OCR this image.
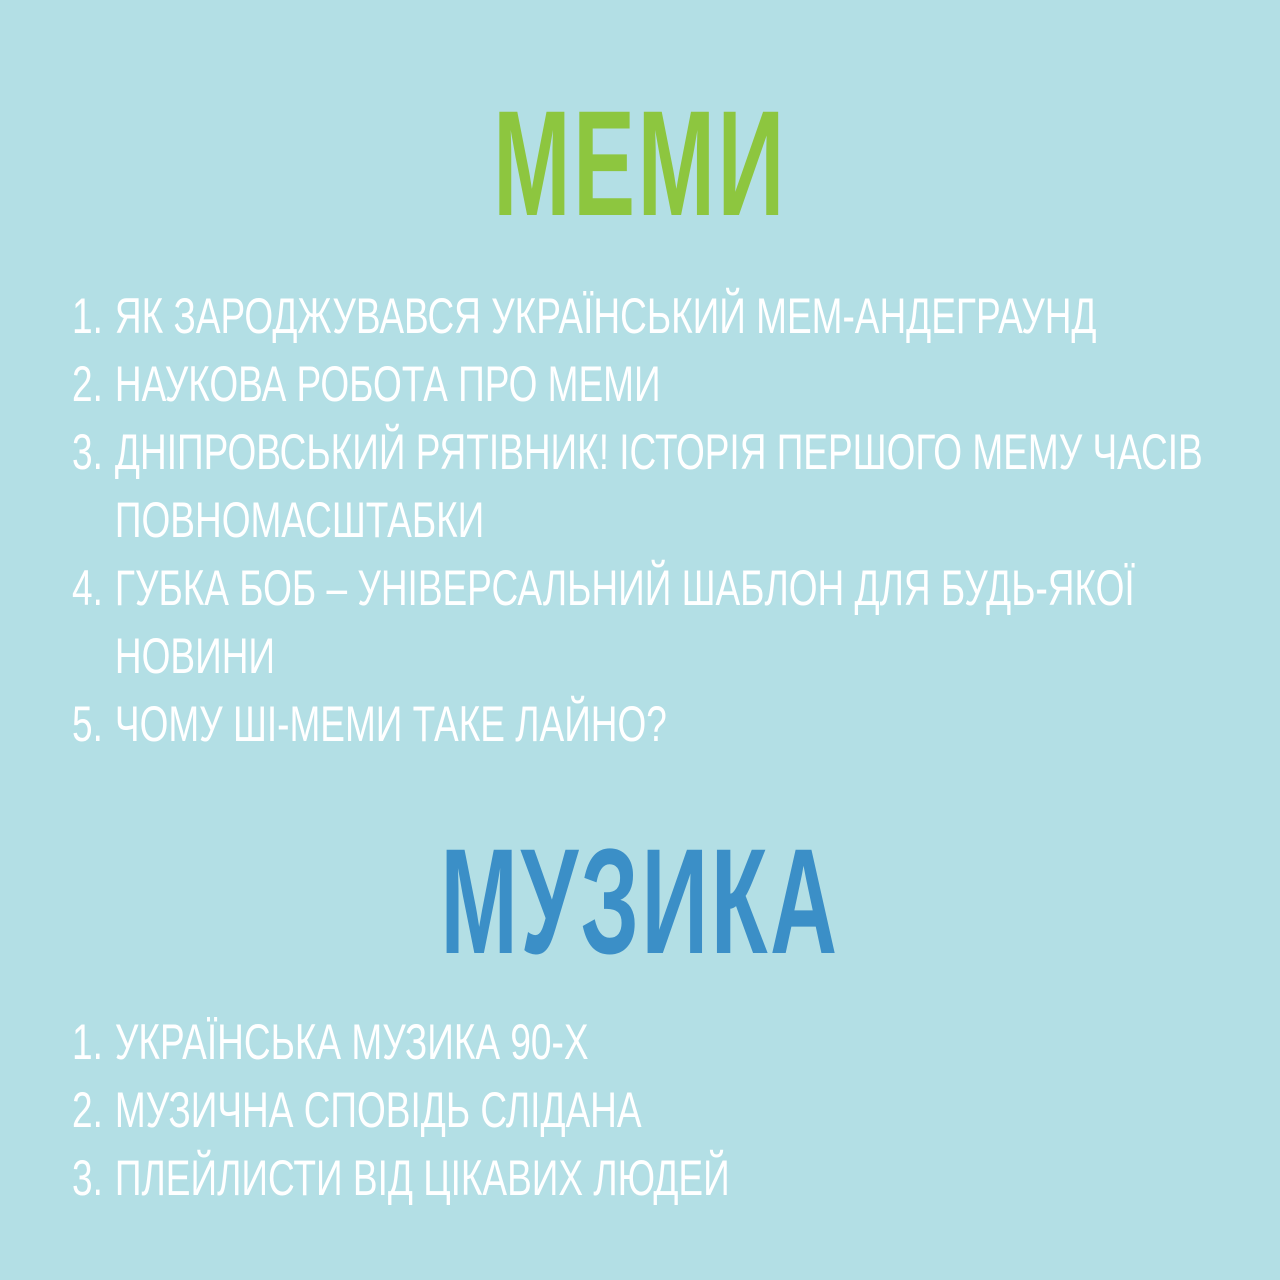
МЕМИ
1. ЯК ЗАРОДЖУВАВСЯ УКРАЇНСЬКИЙ МЕМ-АНДЕГРАУНД
2. НАУКОВА РОБОТА ПРО МЕМИ
3. ДНІПРОВСЬКИЙ РЯТІВНИК! ІСТОРІЯ ПЕРШОГО МЕМУ ЧАСІВ ПОВНОМАСШТАБКИ
4. ГУБКА БОБ – УНІВЕРСАЛЬНИЙ ШАБЛОН ДЛЯ БУДЬ-ЯКОЇ НОВИНИ
5. ЧОМУ ШІ-МЕМИ ТАКЕ ЛАЙНО?
МУЗИКА
1. УКРАЇНСЬКА МУЗИКА 90-Х
2. МУЗИЧНА СПОВІДЬ СЛІДАНА
3. ПЛЕЙЛИСТИ ВІД ЦІКАВИХ ЛЮДЕЙ
